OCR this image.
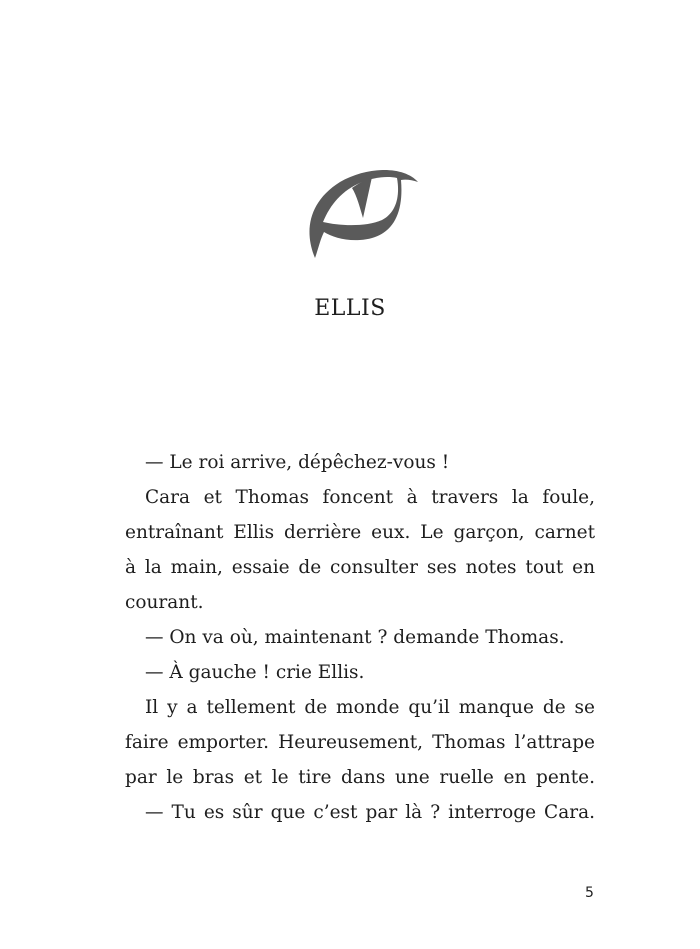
ELLIS
— Le roi arrive, dépêchez-vous !
Cara et Thomas foncent à travers la foule,
entraînant Ellis derrière eux. Le garçon, carnet
à la main, essaie de consulter ses notes tout en
courant.
— On va où, maintenant ? demande Thomas.
— À gauche ! crie Ellis.
Il y a tellement de monde qu’il manque de se
faire emporter. Heureusement, Thomas l’attrape
par le bras et le tire dans une ruelle en pente.
— Tu es sûr que c’est par là ? interroge Cara.
5
